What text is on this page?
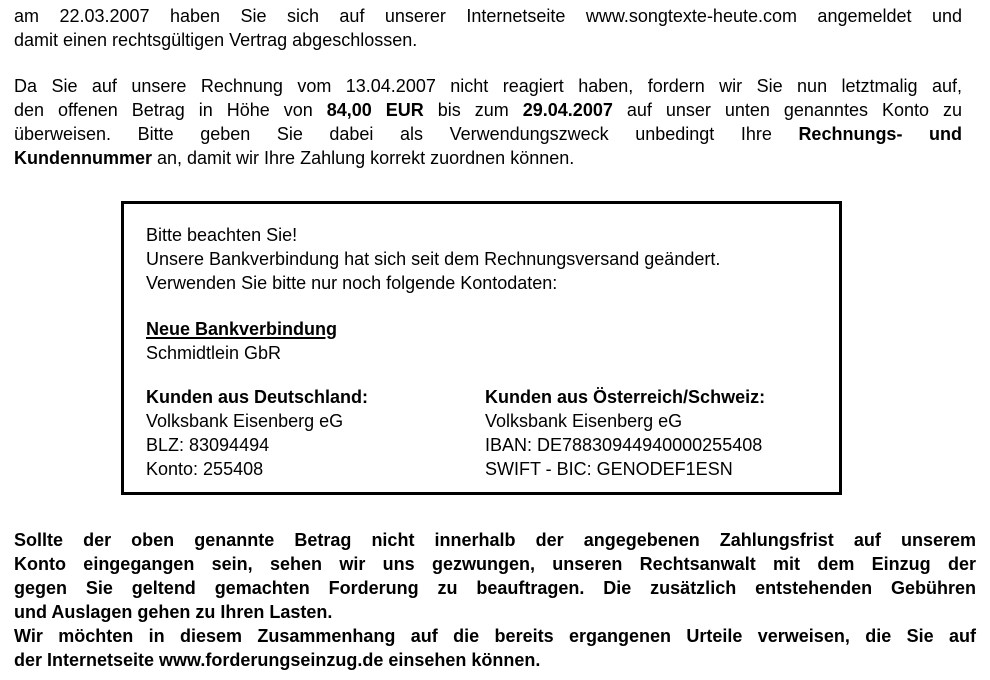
am 22.03.2007 haben Sie sich auf unserer Internetseite www.songtexte-heute.com angemeldet und
damit einen rechtsgültigen Vertrag abgeschlossen.
Da Sie auf unsere Rechnung vom 13.04.2007 nicht reagiert haben, fordern wir Sie nun letztmalig auf,
den offenen Betrag in Höhe von 84,00 EUR bis zum 29.04.2007 auf unser unten genanntes Konto zu
überweisen. Bitte geben Sie dabei als Verwendungszweck unbedingt Ihre Rechnungs- und
Kundennummer an, damit wir Ihre Zahlung korrekt zuordnen können.
Bitte beachten Sie!
Unsere Bankverbindung hat sich seit dem Rechnungsversand geändert.
Verwenden Sie bitte nur noch folgende Kontodaten:
Neue Bankverbindung
Schmidtlein GbR
Kunden aus Deutschland:
Volksbank Eisenberg eG
BLZ: 83094494
Konto: 255408
Kunden aus Österreich/Schweiz:
Volksbank Eisenberg eG
IBAN: DE78830944940000255408
SWIFT - BIC: GENODEF1ESN
Sollte der oben genannte Betrag nicht innerhalb der angegebenen Zahlungsfrist auf unserem
Konto eingegangen sein, sehen wir uns gezwungen, unseren Rechtsanwalt mit dem Einzug der
gegen Sie geltend gemachten Forderung zu beauftragen. Die zusätzlich entstehenden Gebühren
und Auslagen gehen zu Ihren Lasten.
Wir möchten in diesem Zusammenhang auf die bereits ergangenen Urteile verweisen, die Sie auf
der Internetseite www.forderungseinzug.de einsehen können.
